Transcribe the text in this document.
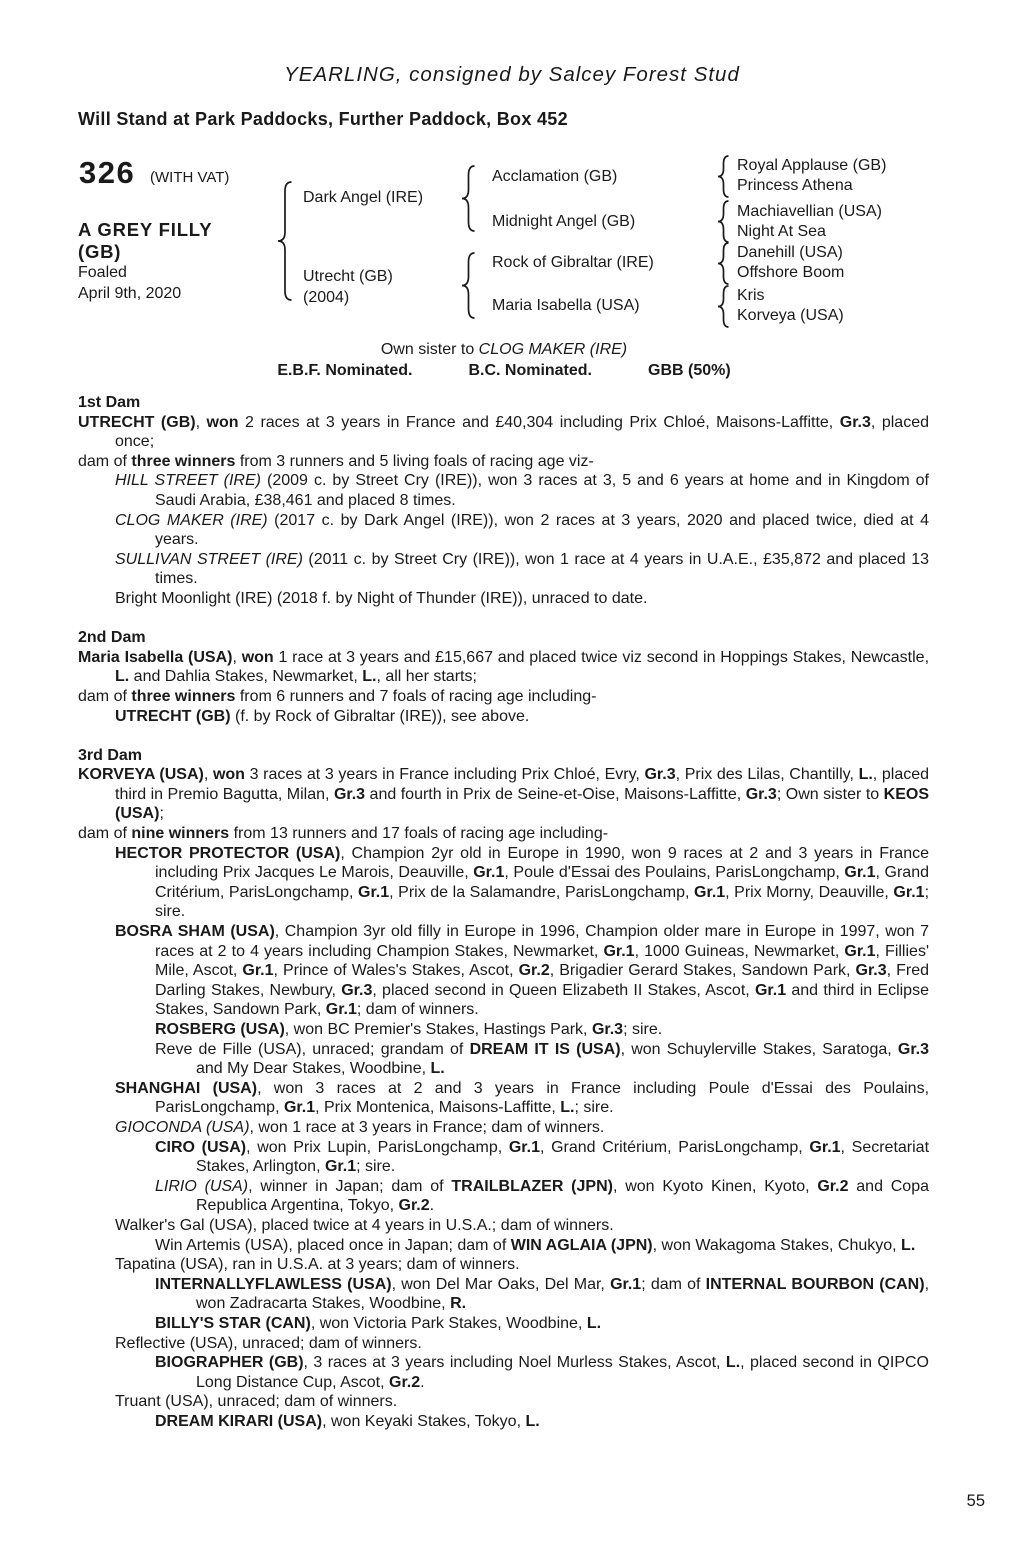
YEARLING, consigned by Salcey Forest Stud
Will Stand at Park Paddocks, Further Paddock, Box 452
326 (WITH VAT)
A GREY FILLY
(GB)
Foaled
April 9th, 2020
Dark Angel (IRE)
Utrecht (GB)
(2004)
Acclamation (GB)
Midnight Angel (GB)
Rock of Gibraltar (IRE)
Maria Isabella (USA)
Royal Applause (GB)
Princess Athena
Machiavellian (USA)
Night At Sea
Danehill (USA)
Offshore Boom
Kris
Korveya (USA)
Own sister to CLOG MAKER (IRE)
E.B.F. Nominated.	B.C. Nominated.	GBB (50%)
1st Dam

UTRECHT (GB), won 2 races at 3 years in France and £40,304 including Prix Chloé, Maisons-Laffitte, Gr.3, placed once;

dam of three winners from 3 runners and 5 living foals of racing age viz-

HILL STREET (IRE) (2009 c. by Street Cry (IRE)), won 3 races at 3, 5 and 6 years at home and in Kingdom of Saudi Arabia, £38,461 and placed 8 times.

CLOG MAKER (IRE) (2017 c. by Dark Angel (IRE)), won 2 races at 3 years, 2020 and placed twice, died at 4 years.

SULLIVAN STREET (IRE) (2011 c. by Street Cry (IRE)), won 1 race at 4 years in U.A.E., £35,872 and placed 13 times.

Bright Moonlight (IRE) (2018 f. by Night of Thunder (IRE)), unraced to date.

2nd Dam

Maria Isabella (USA), won 1 race at 3 years and £15,667 and placed twice viz second in Hoppings Stakes, Newcastle, L. and Dahlia Stakes, Newmarket, L., all her starts;

dam of three winners from 6 runners and 7 foals of racing age including-

UTRECHT (GB) (f. by Rock of Gibraltar (IRE)), see above.

3rd Dam

KORVEYA (USA), won 3 races at 3 years in France including Prix Chloé, Evry, Gr.3, Prix des Lilas, Chantilly, L., placed third in Premio Bagutta, Milan, Gr.3 and fourth in Prix de Seine-et-Oise, Maisons-Laffitte, Gr.3; Own sister to KEOS (USA);

dam of nine winners from 13 runners and 17 foals of racing age including-

HECTOR PROTECTOR (USA), Champion 2yr old in Europe in 1990, won 9 races at 2 and 3 years in France including Prix Jacques Le Marois, Deauville, Gr.1, Poule d'Essai des Poulains, ParisLongchamp, Gr.1, Grand Critérium, ParisLongchamp, Gr.1, Prix de la Salamandre, ParisLongchamp, Gr.1, Prix Morny, Deauville, Gr.1; sire.

BOSRA SHAM (USA), Champion 3yr old filly in Europe in 1996, Champion older mare in Europe in 1997, won 7 races at 2 to 4 years including Champion Stakes, Newmarket, Gr.1, 1000 Guineas, Newmarket, Gr.1, Fillies' Mile, Ascot, Gr.1, Prince of Wales's Stakes, Ascot, Gr.2, Brigadier Gerard Stakes, Sandown Park, Gr.3, Fred Darling Stakes, Newbury, Gr.3, placed second in Queen Elizabeth II Stakes, Ascot, Gr.1 and third in Eclipse Stakes, Sandown Park, Gr.1; dam of winners.

ROSBERG (USA), won BC Premier's Stakes, Hastings Park, Gr.3; sire.

Reve de Fille (USA), unraced; grandam of DREAM IT IS (USA), won Schuylerville Stakes, Saratoga, Gr.3 and My Dear Stakes, Woodbine, L.

SHANGHAI (USA), won 3 races at 2 and 3 years in France including Poule d'Essai des Poulains, ParisLongchamp, Gr.1, Prix Montenica, Maisons-Laffitte, L.; sire.

GIOCONDA (USA), won 1 race at 3 years in France; dam of winners.

CIRO (USA), won Prix Lupin, ParisLongchamp, Gr.1, Grand Critérium, ParisLongchamp, Gr.1, Secretariat Stakes, Arlington, Gr.1; sire.

LIRIO (USA), winner in Japan; dam of TRAILBLAZER (JPN), won Kyoto Kinen, Kyoto, Gr.2 and Copa Republica Argentina, Tokyo, Gr.2.

Walker's Gal (USA), placed twice at 4 years in U.S.A.; dam of winners.

Win Artemis (USA), placed once in Japan; dam of WIN AGLAIA (JPN), won Wakagoma Stakes, Chukyo, L.

Tapatina (USA), ran in U.S.A. at 3 years; dam of winners.

INTERNALLYFLAWLESS (USA), won Del Mar Oaks, Del Mar, Gr.1; dam of INTERNAL BOURBON (CAN), won Zadracarta Stakes, Woodbine, R.

BILLY'S STAR (CAN), won Victoria Park Stakes, Woodbine, L.

Reflective (USA), unraced; dam of winners.

BIOGRAPHER (GB), 3 races at 3 years including Noel Murless Stakes, Ascot, L., placed second in QIPCO Long Distance Cup, Ascot, Gr.2.

Truant (USA), unraced; dam of winners.

DREAM KIRARI (USA), won Keyaki Stakes, Tokyo, L.

55
